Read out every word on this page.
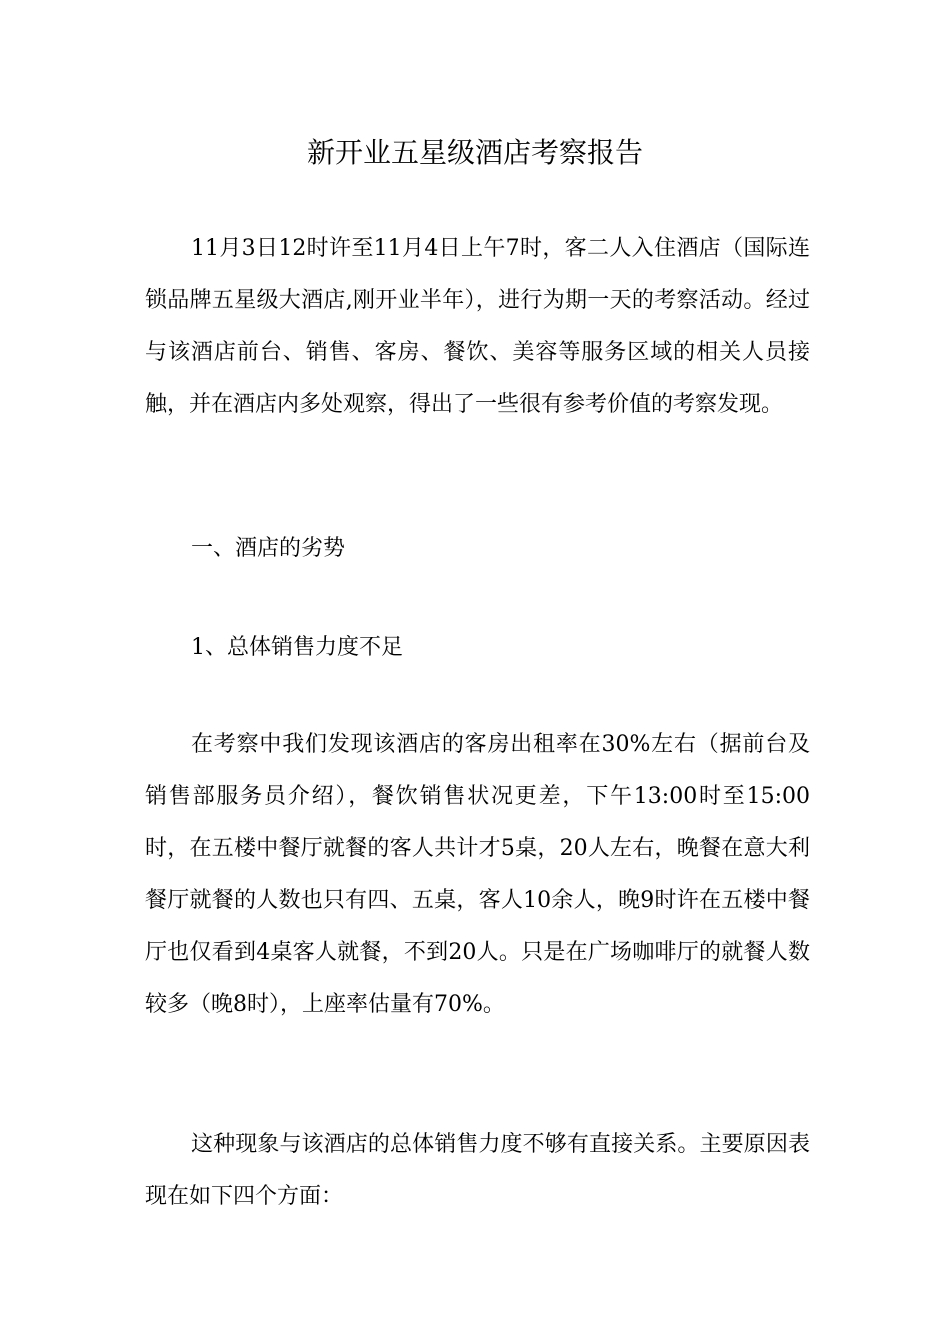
新开业五星级酒店考察报告

11月3日12时许至11月4日上午7时，客二人入住酒店（国际连锁品牌五星级大酒店,刚开业半年），进行为期一天的考察活动。经过与该酒店前台、销售、客房、餐饮、美容等服务区域的相关人员接触，并在酒店内多处观察，得出了一些很有参考价值的考察发现。

一、酒店的劣势

1、总体销售力度不足

在考察中我们发现该酒店的客房出租率在30%左右（据前台及销售部服务员介绍），餐饮销售状况更差，下午13:00时至15:00时，在五楼中餐厅就餐的客人共计才5桌，20人左右，晚餐在意大利餐厅就餐的人数也只有四、五桌，客人10余人，晚9时许在五楼中餐厅也仅看到4桌客人就餐，不到20人。只是在广场咖啡厅的就餐人数较多（晚8时），上座率估量有70%。

这种现象与该酒店的总体销售力度不够有直接关系。主要原因表现在如下四个方面：
